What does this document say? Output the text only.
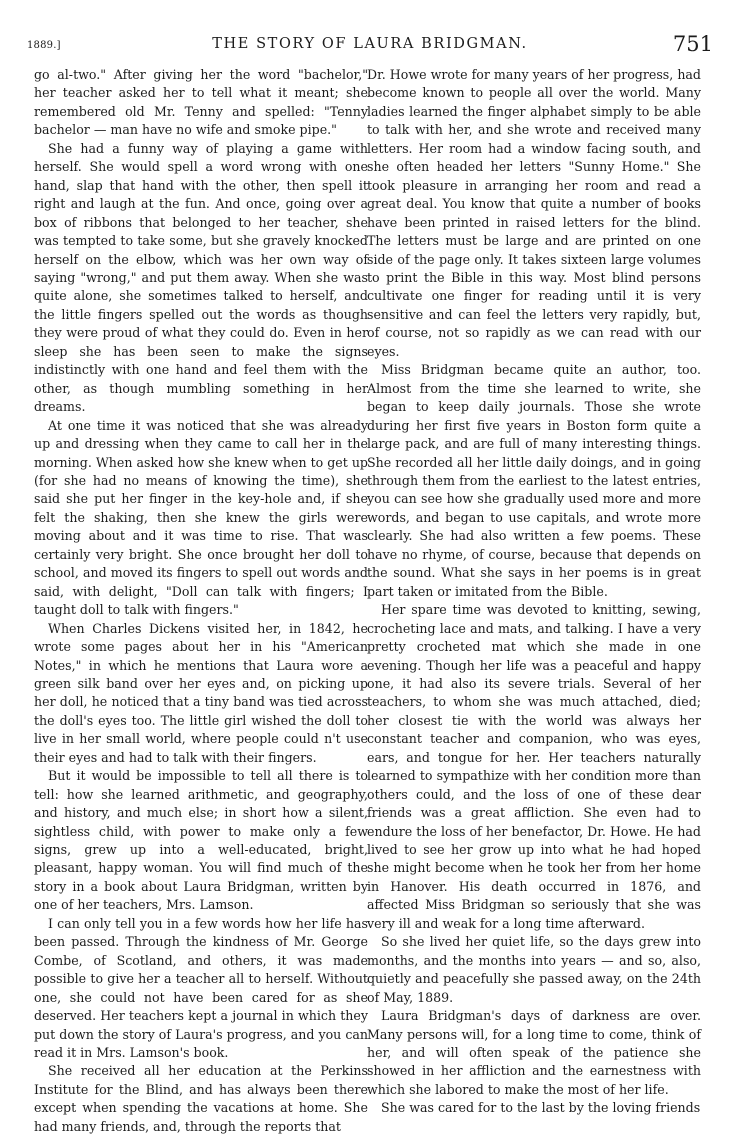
1889.]	THE STORY OF LAURA BRIDGMAN.	751

go al-two." After giving her the word "bachelor," her teacher asked her to tell what it meant; she remembered old Mr. Tenny and spelled: "Tenny bachelor — man have no wife and smoke pipe."

She had a funny way of playing a game with herself. She would spell a word wrong with one hand, slap that hand with the other, then spell it right and laugh at the fun. And once, going over a box of ribbons that belonged to her teacher, she was tempted to take some, but she gravely knocked herself on the elbow, which was her own way of saying "wrong," and put them away. When she was quite alone, she sometimes talked to herself, and the little fingers spelled out the words as though they were proud of what they could do. Even in her sleep she has been seen to make the signs indistinctly with one hand and feel them with the other, as though mumbling something in her dreams.

At one time it was noticed that she was already up and dressing when they came to call her in the morning. When asked how she knew when to get up (for she had no means of knowing the time), she said she put her finger in the key-hole and, if she felt the shaking, then she knew the girls were moving about and it was time to rise. That was certainly very bright. She once brought her doll to school, and moved its fingers to spell out words and said, with delight, "Doll can talk with fingers; I taught doll to talk with fingers."

When Charles Dickens visited her, in 1842, he wrote some pages about her in his "American Notes," in which he mentions that Laura wore a green silk band over her eyes and, on picking up her doll, he noticed that a tiny band was tied across the doll's eyes too. The little girl wished the doll to live in her small world, where people could n't use their eyes and had to talk with their fingers.

But it would be impossible to tell all there is to tell: how she learned arithmetic, and geography, and history, and much else; in short how a silent, sightless child, with power to make only a few signs, grew up into a well-educated, bright, pleasant, happy woman. You will find much of the story in a book about Laura Bridgman, written by one of her teachers, Mrs. Lamson.

I can only tell you in a few words how her life has been passed. Through the kindness of Mr. George Combe, of Scotland, and others, it was made possible to give her a teacher all to herself. Without one, she could not have been cared for as she deserved. Her teachers kept a journal in which they put down the story of Laura's progress, and you can read it in Mrs. Lamson's book.

She received all her education at the Perkins Institute for the Blind, and has always been there except when spending the vacations at home. She had many friends, and, through the reports that

Dr. Howe wrote for many years of her progress, had become known to people all over the world. Many ladies learned the finger alphabet simply to be able to talk with her, and she wrote and received many letters. Her room had a window facing south, and she often headed her letters "Sunny Home." She took pleasure in arranging her room and read a great deal. You know that quite a number of books have been printed in raised letters for the blind. The letters must be large and are printed on one side of the page only. It takes sixteen large volumes to print the Bible in this way. Most blind persons cultivate one finger for reading until it is very sensitive and can feel the letters very rapidly, but, of course, not so rapidly as we can read with our eyes.

Miss Bridgman became quite an author, too. Almost from the time she learned to write, she began to keep daily journals. Those she wrote during her first five years in Boston form quite a large pack, and are full of many interesting things. She recorded all her little daily doings, and in going through them from the earliest to the latest entries, you can see how she gradually used more and more words, and began to use capitals, and wrote more clearly. She had also written a few poems. These have no rhyme, of course, because that depends on the sound. What she says in her poems is in great part taken or imitated from the Bible.

Her spare time was devoted to knitting, sewing, crocheting lace and mats, and talking. I have a very pretty crocheted mat which she made in one evening. Though her life was a peaceful and happy one, it had also its severe trials. Several of her teachers, to whom she was much attached, died; her closest tie with the world was always her constant teacher and companion, who was eyes, ears, and tongue for her. Her teachers naturally learned to sympathize with her condition more than others could, and the loss of one of these dear friends was a great affliction. She even had to endure the loss of her benefactor, Dr. Howe. He had lived to see her grow up into what he had hoped she might become when he took her from her home in Hanover. His death occurred in 1876, and affected Miss Bridgman so seriously that she was very ill and weak for a long time afterward.

So she lived her quiet life, so the days grew into months, and the months into years — and so, also, quietly and peacefully she passed away, on the 24th of May, 1889.

Laura Bridgman's days of darkness are over. Many persons will, for a long time to come, think of her, and will often speak of the patience she showed in her affliction and the earnestness with which she labored to make the most of her life.

She was cared for to the last by the loving friends
